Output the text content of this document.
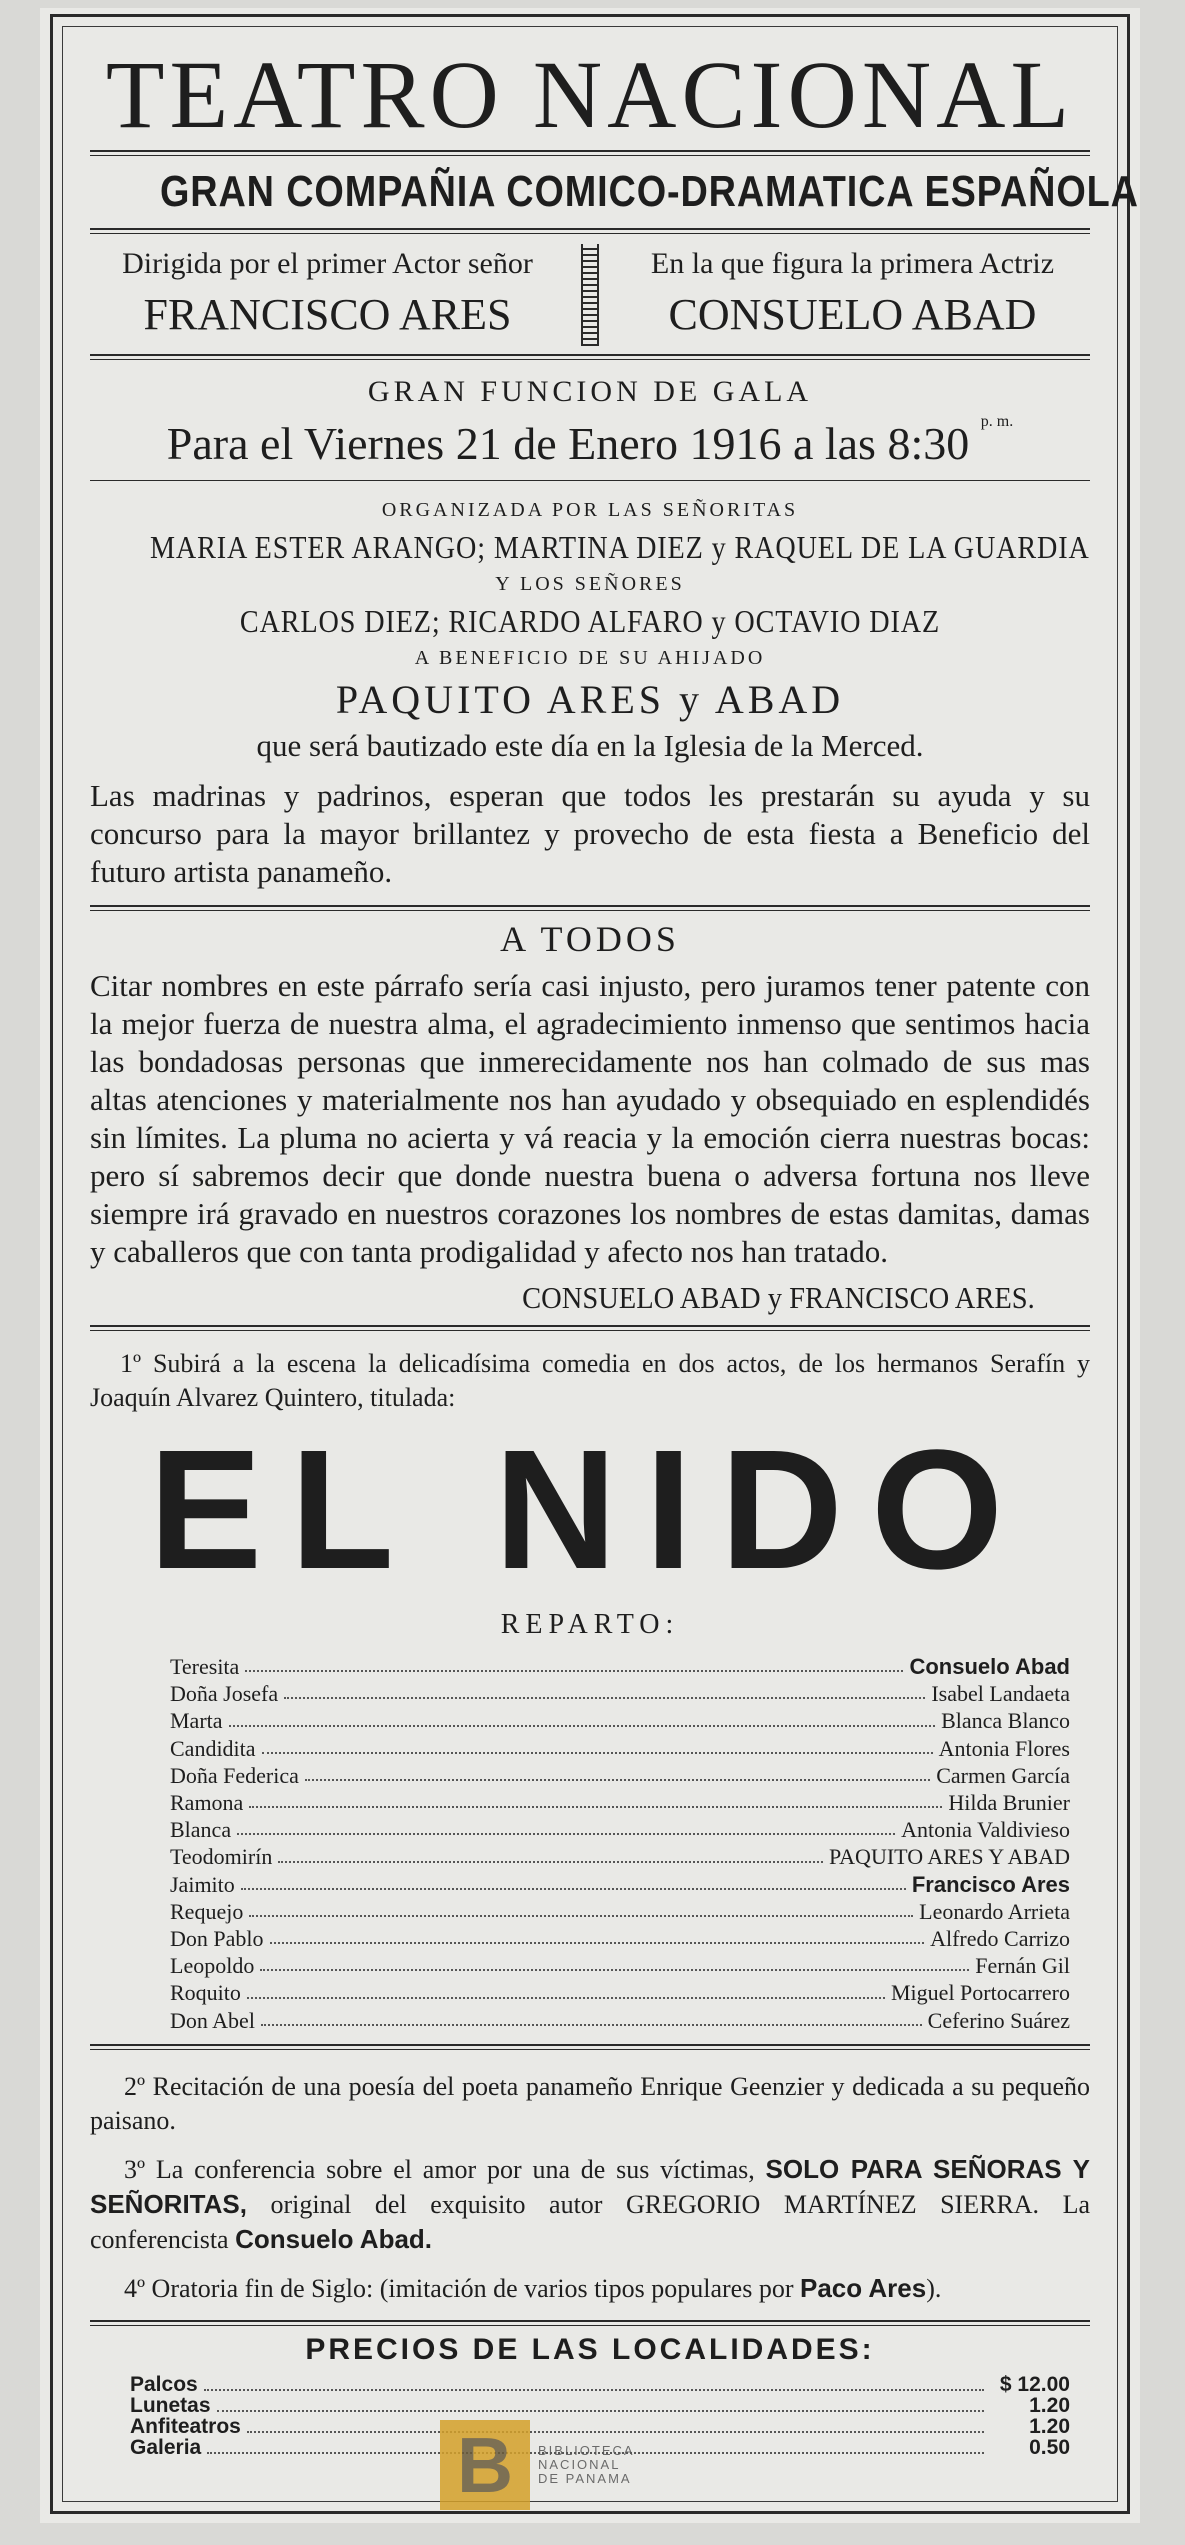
TEATRO NACIONAL
GRAN COMPAÑIA COMICO-DRAMATICA ESPAÑOLA
Dirigida por el primer Actor señor
FRANCISCO ARES
En la que figura la primera Actriz
CONSUELO ABAD
GRAN FUNCION DE GALA
Para el Viernes 21 de Enero 1916 a las 8:30 $^{p. m.}$
ORGANIZADA POR LAS SEÑORITAS
MARIA ESTER ARANGO; MARTINA DIEZ y RAQUEL DE LA GUARDIA
Y LOS SEÑORES
CARLOS DIEZ; RICARDO ALFARO y OCTAVIO DIAZ
A BENEFICIO DE SU AHIJADO
PAQUITO ARES y ABAD
que será bautizado este día en la Iglesia de la Merced.

Las madrinas y padrinos, esperan que todos les prestarán su ayuda y su concurso para la mayor brillantez y provecho de esta fiesta a Beneficio del futuro artista panameño.

A TODOS

Citar nombres en este párrafo sería casi injusto, pero juramos tener patente con la mejor fuerza de nuestra alma, el agradecimiento inmenso que sentimos hacia las bondadosas personas que inmerecidamente nos han colmado de sus mas altas atenciones y materialmente nos han ayudado y obsequiado en esplendidés sin límites. La pluma no acierta y vá reacia y la emoción cierra nuestras bocas: pero sí sabremos decir que donde nuestra buena o adversa fortuna nos lleve siempre irá gravado en nuestros corazones los nombres de estas damitas, damas y caballeros que con tanta prodigalidad y afecto nos han tratado.

CONSUELO ABAD y FRANCISCO ARES.
1º Subirá a la escena la delicadísima comedia en dos actos, de los hermanos Serafín y Joaquín Alvarez Quintero, titulada:
EL NIDO
REPARTO:
Teresita	Consuelo Abad
Doña Josefa	Isabel Landaeta
Marta	Blanca Blanco
Candidita	Antonia Flores
Doña Federica	Carmen García
Ramona	Hilda Brunier
Blanca	Antonia Valdivieso
Teodomirín	PAQUITO ARES Y ABAD
Jaimito	Francisco Ares
Requejo	Leonardo Arrieta
Don Pablo	Alfredo Carrizo
Leopoldo	Fernán Gil
Roquito	Miguel Portocarrero
Don Abel	Ceferino Suárez

2º Recitación de una poesía del poeta panameño Enrique Geenzier y dedicada a su pequeño paisano.

3º La conferencia sobre el amor por una de sus víctimas, SOLO PARA SEÑORAS Y SEÑORITAS, original del exquisito autor GREGORIO MARTÍNEZ SIERRA. La conferencista Consuelo Abad.

4º Oratoria fin de Siglo: (imitación de varios tipos populares por Paco Ares).

PRECIOS DE LAS LOCALIDADES:
Palcos	$ 12.00
Lunetas	1.20
Anfiteatros	1.20
Galeria	0.50
B	BIBLIOTECA
NACIONAL
DE PANAMA
